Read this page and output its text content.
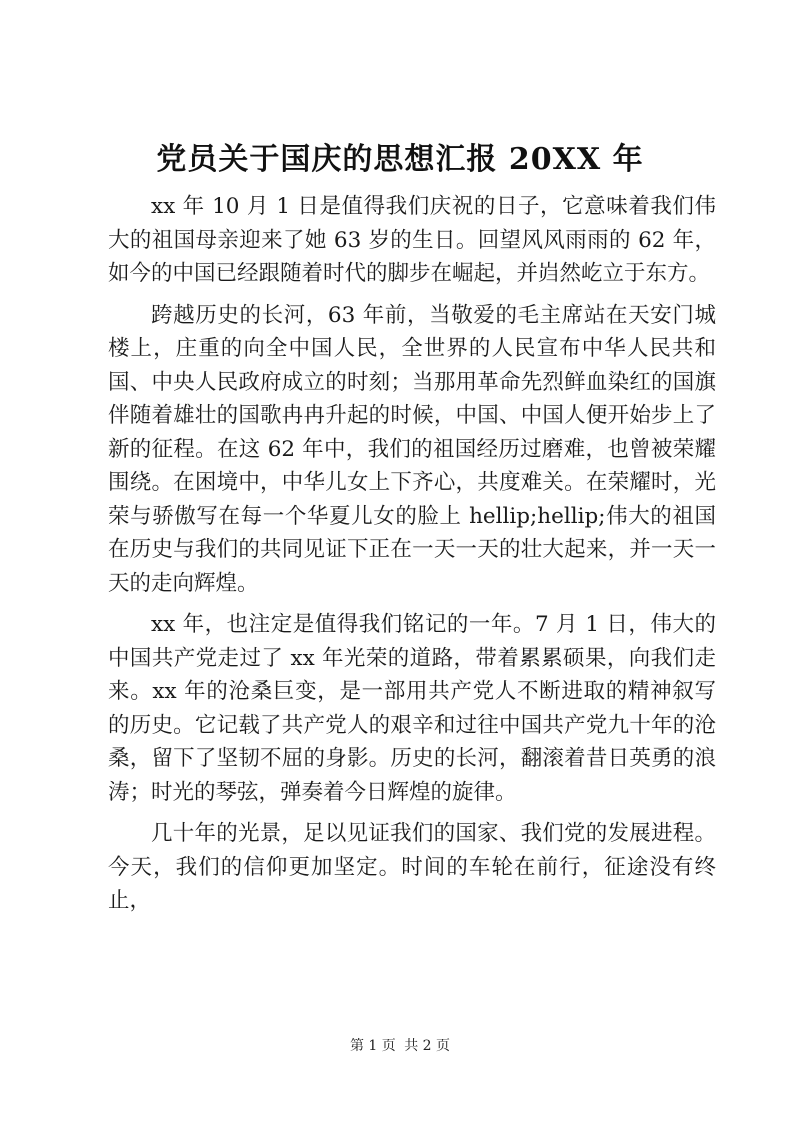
党员关于国庆的思想汇报 20XX 年

xx 年 10 月 1 日是值得我们庆祝的日子，它意味着我们伟大的祖国母亲迎来了她 63 岁的生日。回望风风雨雨的 62 年，如今的中国已经跟随着时代的脚步在崛起，并岿然屹立于东方。

跨越历史的长河，63 年前，当敬爱的毛主席站在天安门城楼上，庄重的向全中国人民，全世界的人民宣布中华人民共和国、中央人民政府成立的时刻；当那用革命先烈鲜血染红的国旗伴随着雄壮的国歌冉冉升起的时候，中国、中国人便开始步上了新的征程。在这 62 年中，我们的祖国经历过磨难，也曾被荣耀围绕。在困境中，中华儿女上下齐心，共度难关。在荣耀时，光荣与骄傲写在每一个华夏儿女的脸上 hellip;hellip;伟大的祖国在历史与我们的共同见证下正在一天一天的壮大起来，并一天一天的走向辉煌。

xx 年，也注定是值得我们铭记的一年。7 月 1 日，伟大的中国共产党走过了 xx 年光荣的道路，带着累累硕果，向我们走来。xx 年的沧桑巨变，是一部用共产党人不断进取的精神叙写的历史。它记载了共产党人的艰辛和过往中国共产党九十年的沧桑，留下了坚韧不屈的身影。历史的长河，翻滚着昔日英勇的浪涛；时光的琴弦，弹奏着今日辉煌的旋律。

几十年的光景，足以见证我们的国家、我们党的发展进程。今天，我们的信仰更加坚定。时间的车轮在前行，征途没有终止，

第 1 页 共 2 页
